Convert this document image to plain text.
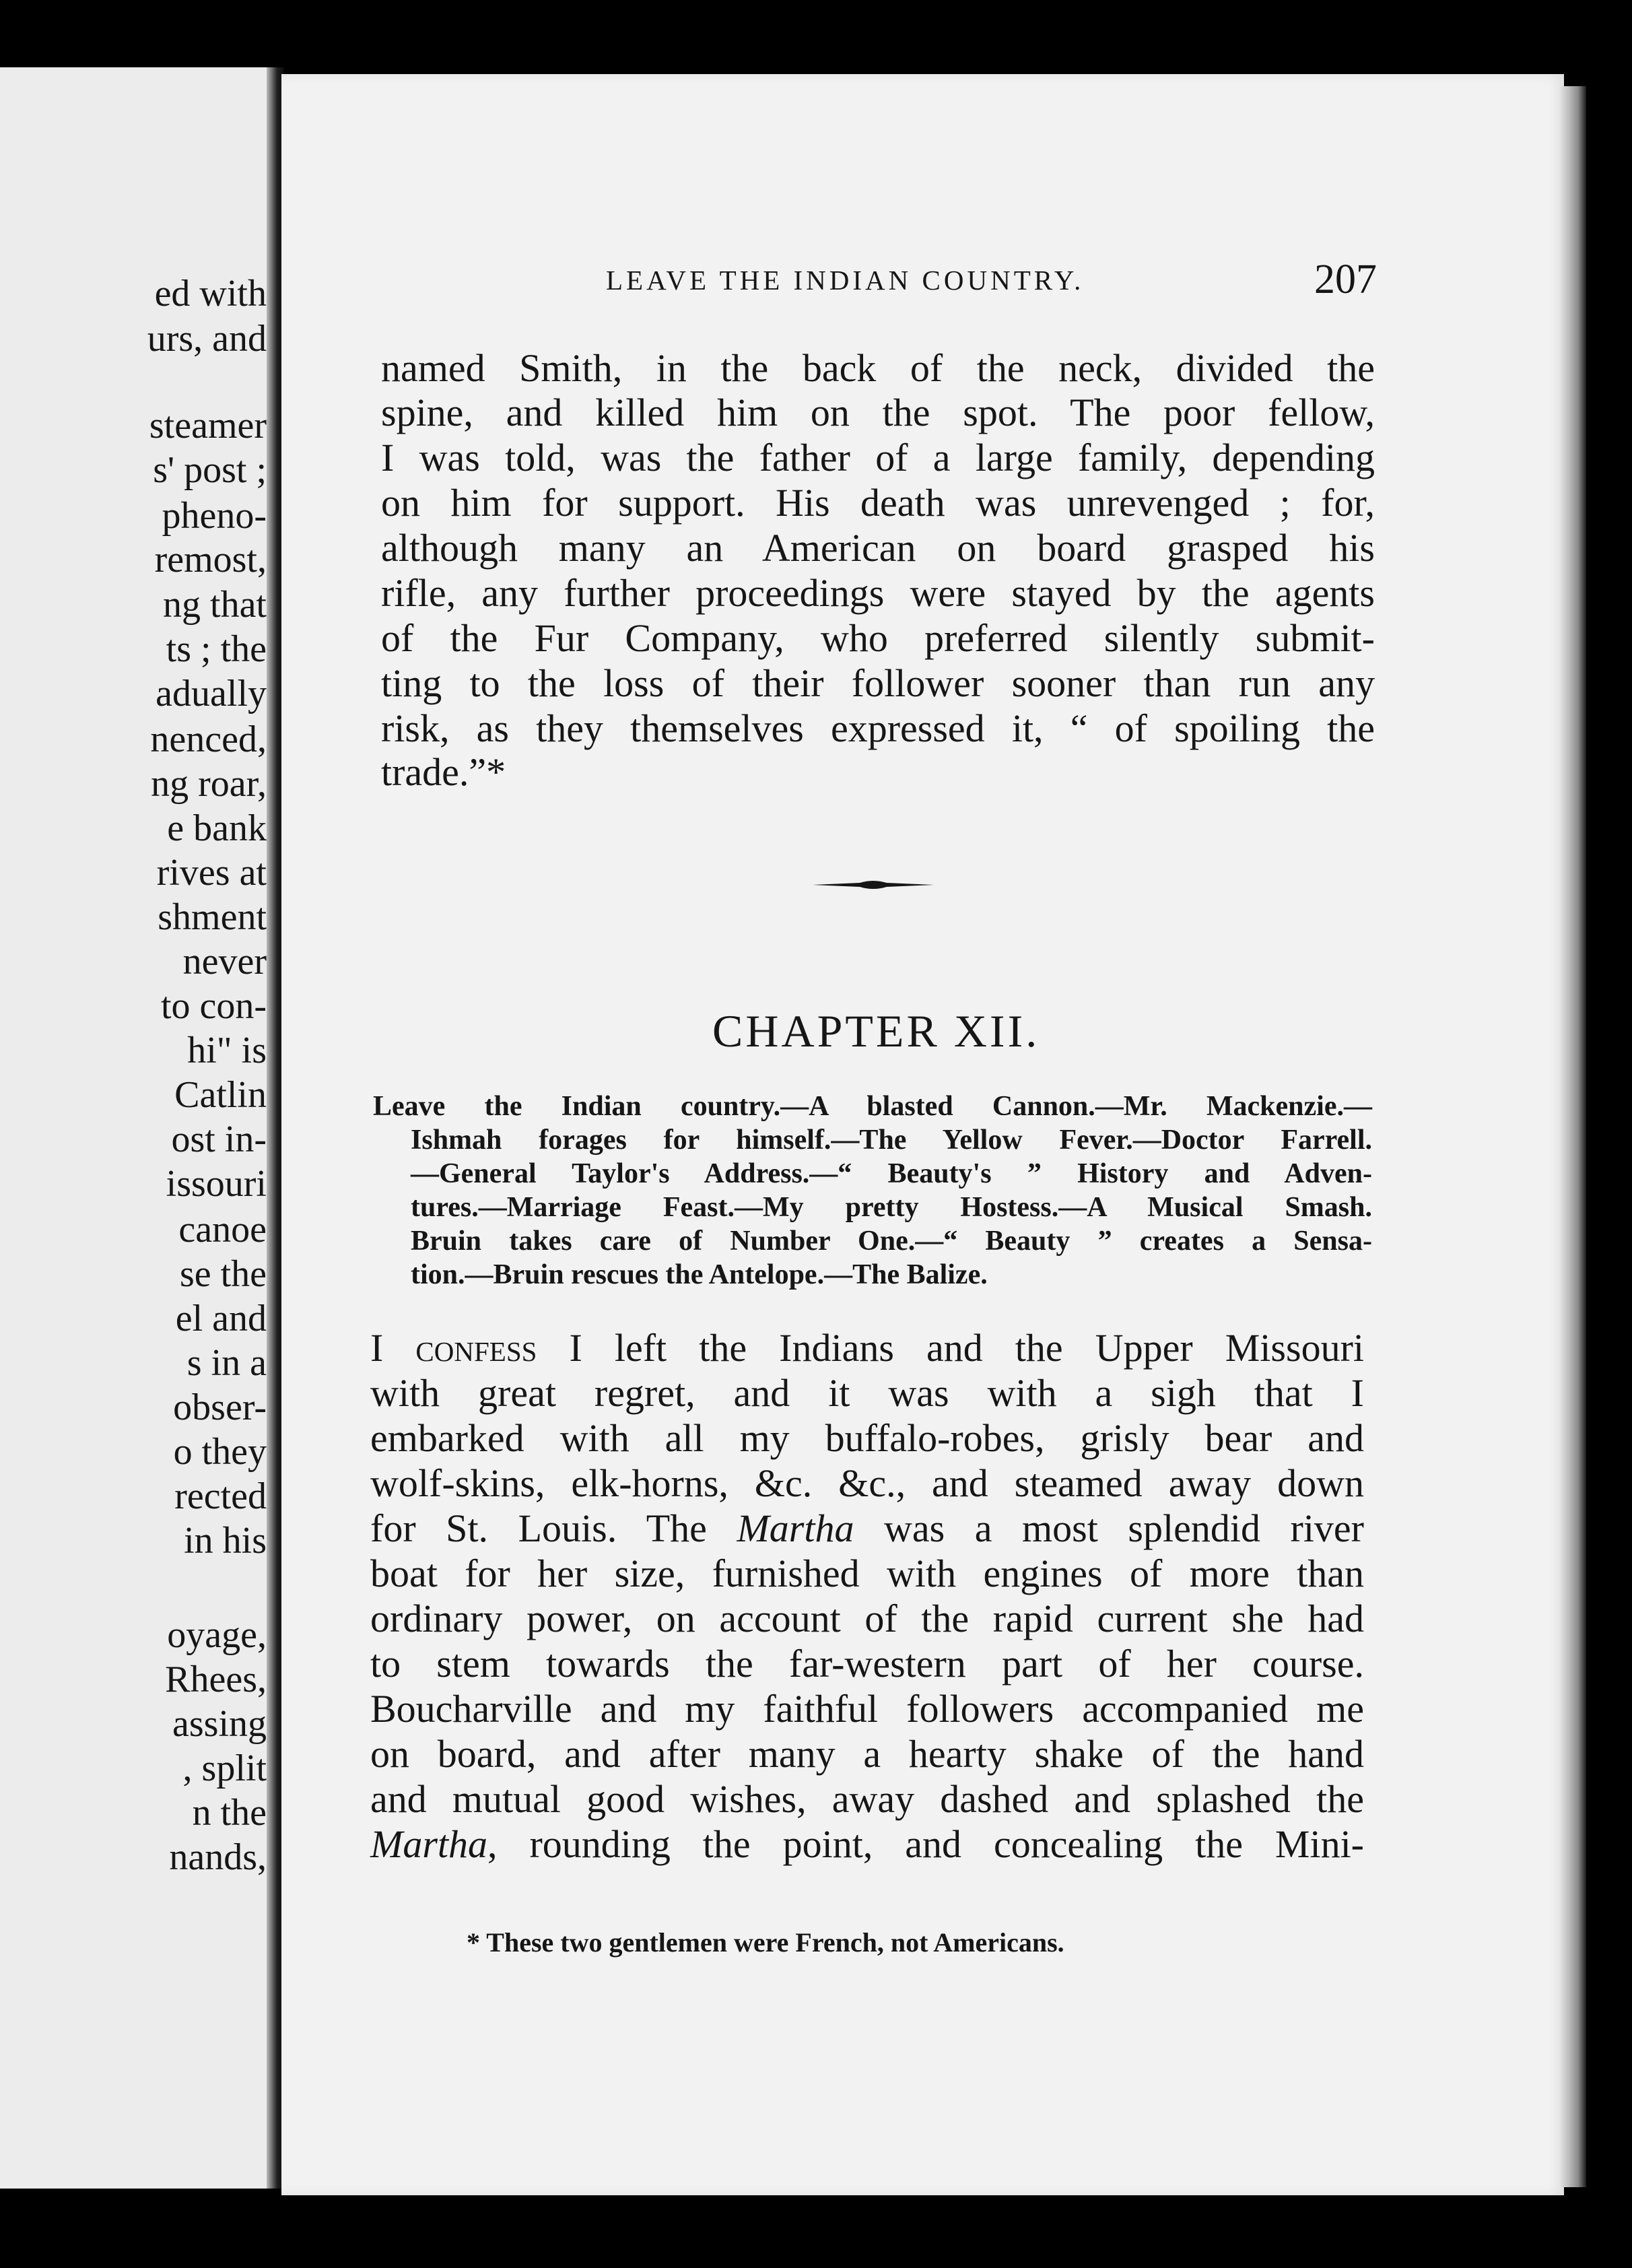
ed with
urs, and
steamer
s' post ;
pheno-
remost,
ng that
ts ; the
adually
nenced,
ng roar,
e bank
rives at
shment
never
to con-
hi" is
Catlin
ost in-
issouri
canoe
se the
el and
s in a
obser-
o they
rected
in his
oyage,
Rhees,
assing
, split
n the
nands,
LEAVE THE INDIAN COUNTRY.	207
named Smith, in the back of the neck, divided the
spine, and killed him on the spot. The poor fellow,
I was told, was the father of a large family, depending
on him for support. His death was unrevenged ; for,
although many an American on board grasped his
rifle, any further proceedings were stayed by the agents
of the Fur Company, who preferred silently submit-
ting to the loss of their follower sooner than run any
risk, as they themselves expressed it, “ of spoiling the
trade.”*
CHAPTER XII.
Leave the Indian country.—A blasted Cannon.—Mr. Mackenzie.—
Ishmah forages for himself.—The Yellow Fever.—Doctor Farrell.
—General Taylor's Address.—“ Beauty's ” History and Adven-
tures.—Marriage Feast.—My pretty Hostess.—A Musical Smash.
Bruin takes care of Number One.—“ Beauty ” creates a Sensa-
tion.—Bruin rescues the Antelope.—The Balize.
I confess I left the Indians and the Upper Missouri
with great regret, and it was with a sigh that I
embarked with all my buffalo-robes, grisly bear and
wolf-skins, elk-horns, &c. &c., and steamed away down
for St. Louis. The Martha was a most splendid river
boat for her size, furnished with engines of more than
ordinary power, on account of the rapid current she had
to stem towards the far-western part of her course.
Boucharville and my faithful followers accompanied me
on board, and after many a hearty shake of the hand
and mutual good wishes, away dashed and splashed the
Martha, rounding the point, and concealing the Mini-
* These two gentlemen were French, not Americans.
